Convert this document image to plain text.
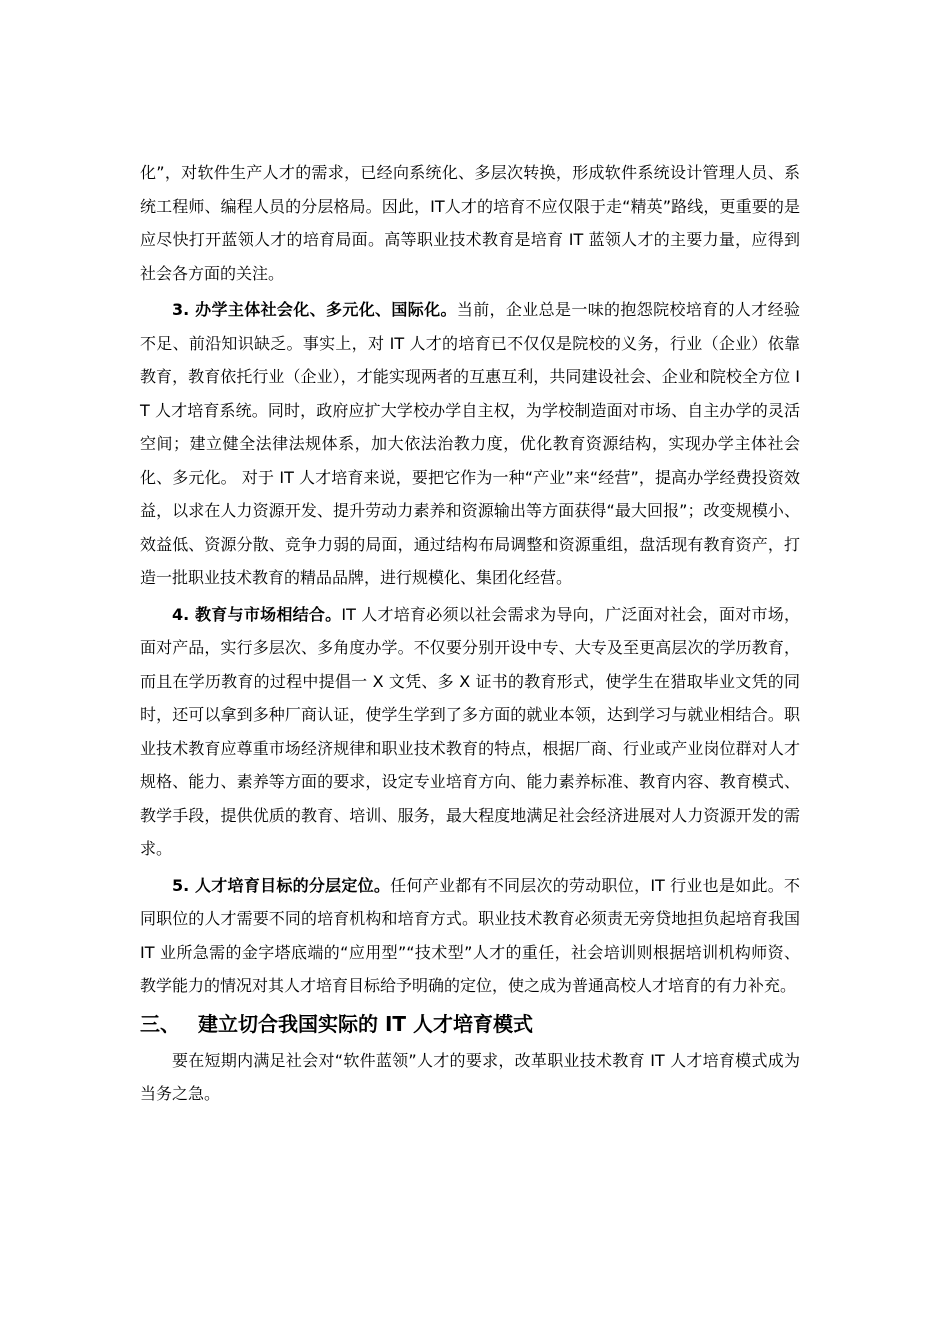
化”，对软件生产人才的需求，已经向系统化、多层次转换，形成软件系统设计管理人员、系统工程师、编程人员的分层格局。因此，IT人才的培育不应仅限于走“精英”路线，更重要的是应尽快打开蓝领人才的培育局面。高等职业技术教育是培育 IT 蓝领人才的主要力量，应得到社会各方面的关注。

3. 办学主体社会化、多元化、国际化。当前，企业总是一味的抱怨院校培育的人才经验不足、前沿知识缺乏。事实上，对 IT 人才的培育已不仅仅是院校的义务，行业（企业）依靠教育，教育依托行业（企业），才能实现两者的互惠互利，共同建设社会、企业和院校全方位 IT 人才培育系统。同时，政府应扩大学校办学自主权，为学校制造面对市场、自主办学的灵活空间；建立健全法律法规体系，加大依法治教力度，优化教育资源结构，实现办学主体社会化、多元化。 对于 IT 人才培育来说，要把它作为一种“产业”来“经营”，提高办学经费投资效益，以求在人力资源开发、提升劳动力素养和资源输出等方面获得“最大回报”；改变规模小、效益低、资源分散、竞争力弱的局面，通过结构布局调整和资源重组，盘活现有教育资产，打造一批职业技术教育的精品品牌，进行规模化、集团化经营。

4. 教育与市场相结合。IT 人才培育必须以社会需求为导向，广泛面对社会，面对市场，面对产品，实行多层次、多角度办学。不仅要分别开设中专、大专及至更高层次的学历教育，而且在学历教育的过程中提倡一 X 文凭、多 X 证书的教育形式，使学生在猎取毕业文凭的同时，还可以拿到多种厂商认证，使学生学到了多方面的就业本领，达到学习与就业相结合。职业技术教育应尊重市场经济规律和职业技术教育的特点，根据厂商、行业或产业岗位群对人才规格、能力、素养等方面的要求，设定专业培育方向、能力素养标准、教育内容、教育模式、教学手段，提供优质的教育、培训、服务，最大程度地满足社会经济进展对人力资源开发的需求。

5. 人才培育目标的分层定位。任何产业都有不同层次的劳动职位，IT 行业也是如此。不同职位的人才需要不同的培育机构和培育方式。职业技术教育必须责无旁贷地担负起培育我国 IT 业所急需的金字塔底端的“应用型”“技术型”人才的重任，社会培训则根据培训机构师资、教学能力的情况对其人才培育目标给予明确的定位，使之成为普通高校人才培育的有力补充。

三、 建立切合我国实际的 IT 人才培育模式

要在短期内满足社会对“软件蓝领”人才的要求，改革职业技术教育 IT 人才培育模式成为当务之急。
